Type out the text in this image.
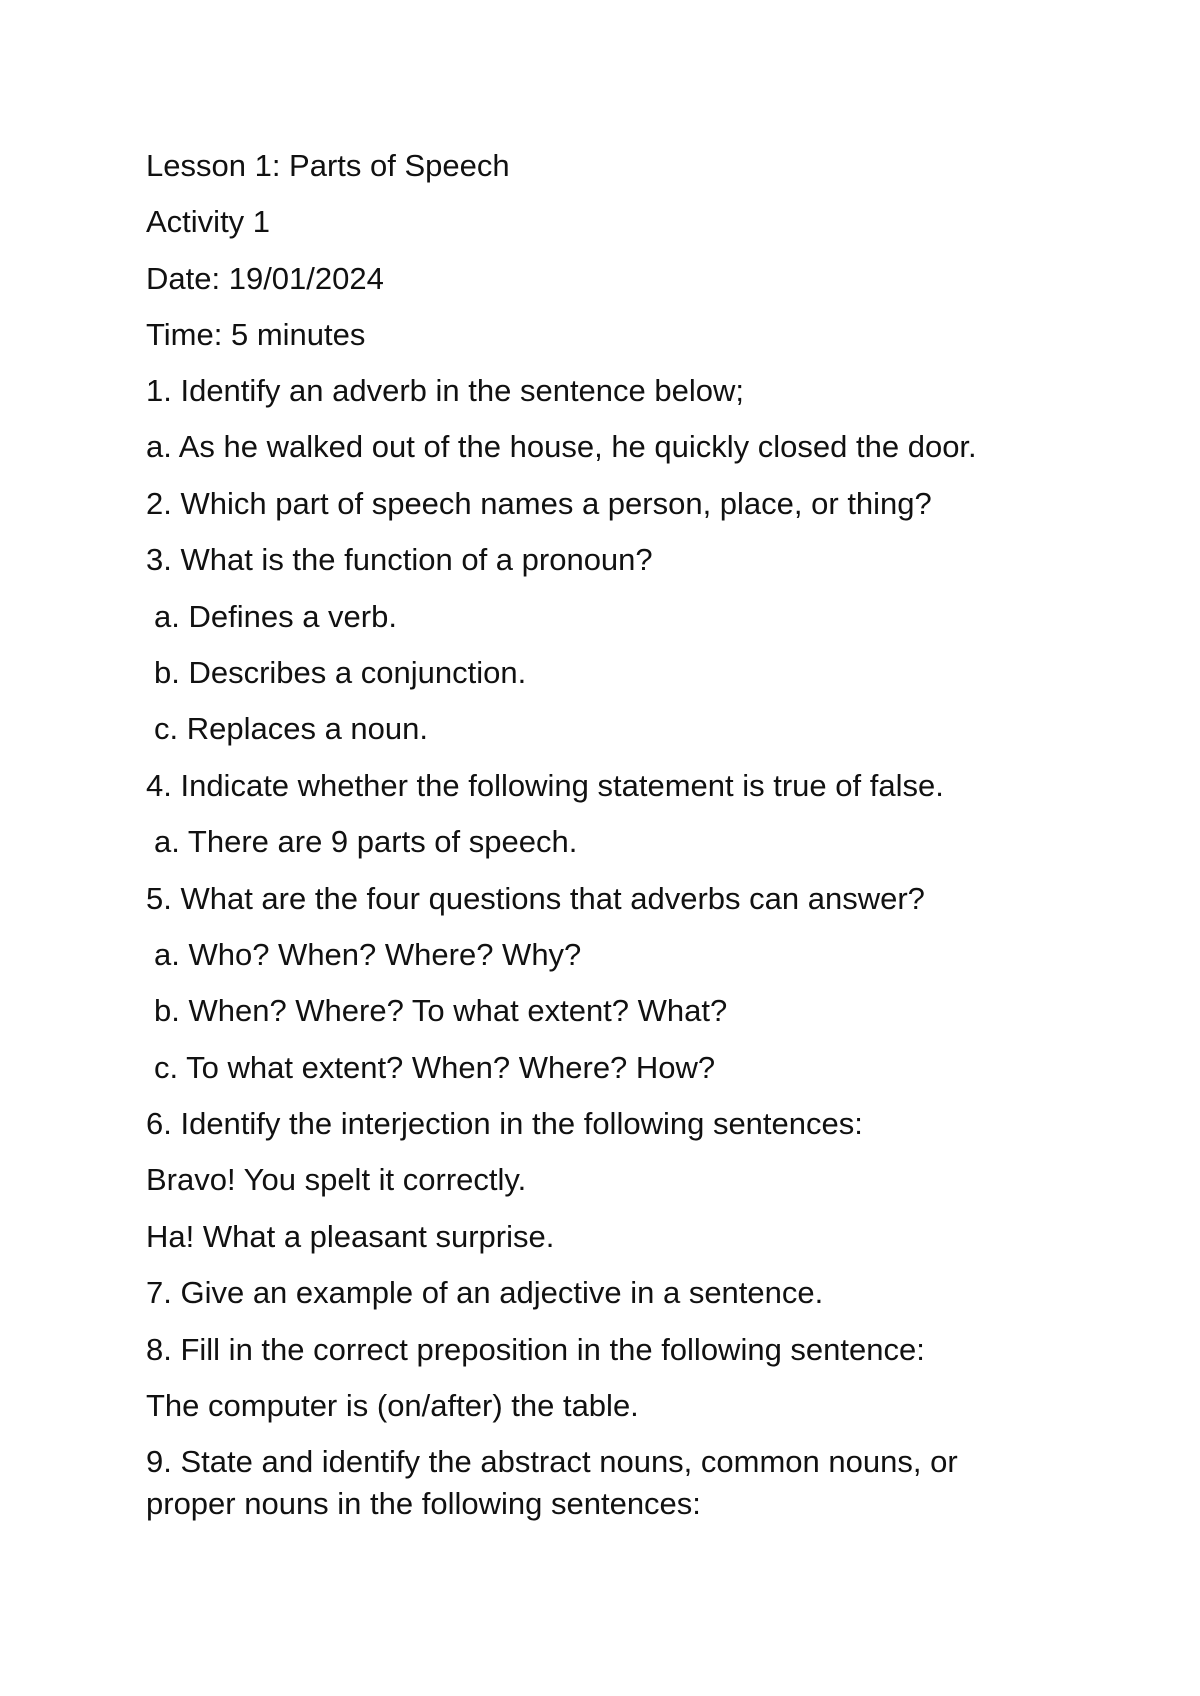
Lesson 1: Parts of Speech
Activity 1
Date: 19/01/2024
Time: 5 minutes
1. Identify an adverb in the sentence below;
a. As he walked out of the house, he quickly closed the door.
2. Which part of speech names a person, place, or thing?
3. What is the function of a pronoun?
a. Defines a verb.
b. Describes a conjunction.
c. Replaces a noun.
4. Indicate whether the following statement is true of false.
a. There are 9 parts of speech.
5. What are the four questions that adverbs can answer?
a. Who? When? Where? Why?
b. When? Where? To what extent? What?
c. To what extent? When? Where? How?
6. Identify the interjection in the following sentences:
Bravo! You spelt it correctly.
Ha! What a pleasant surprise.
7. Give an example of an adjective in a sentence.
8. Fill in the correct preposition in the following sentence:
The computer is (on/after) the table.
9. State and identify the abstract nouns, common nouns, or proper nouns in the following sentences:
